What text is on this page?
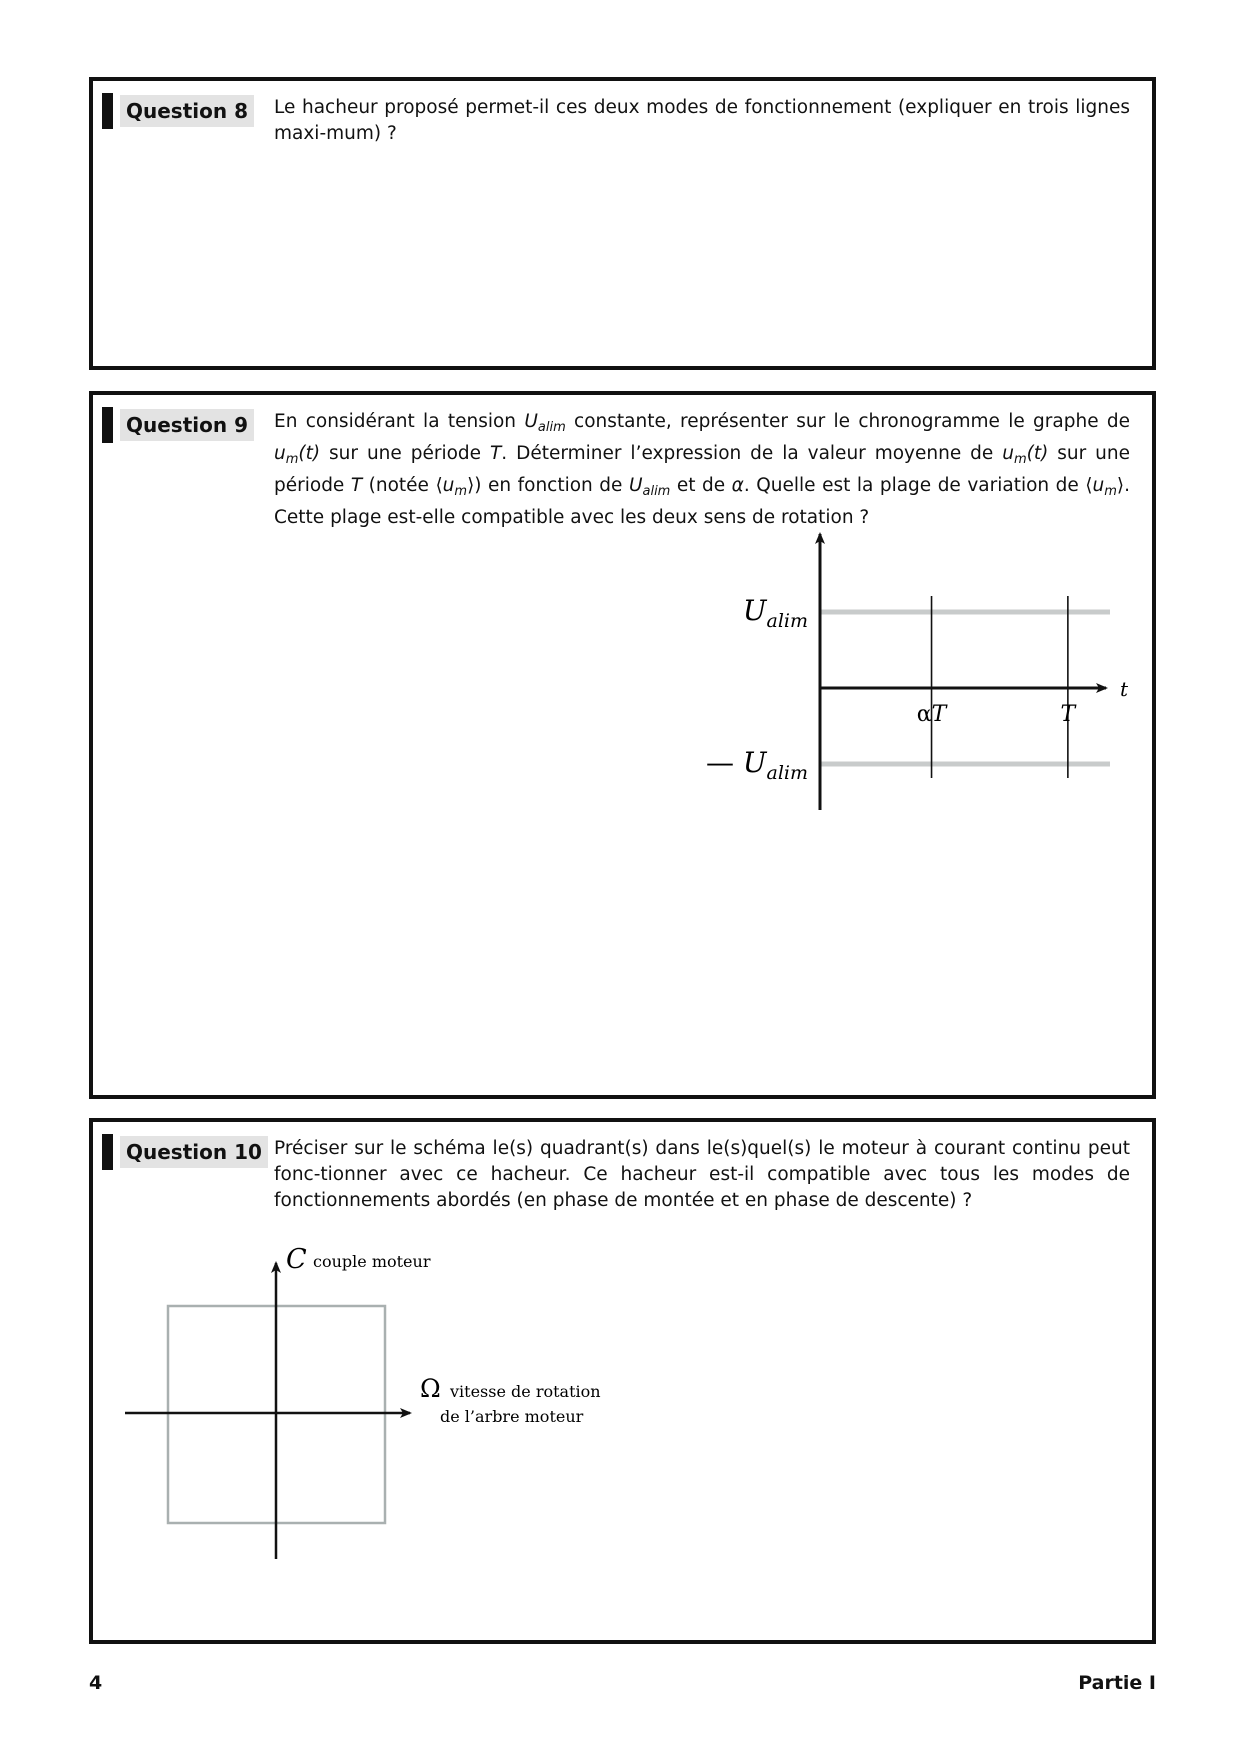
Question 8	Le hacheur proposé permet-il ces deux modes de fonctionnement (expliquer en trois lignes maxi-mum) ?

Question 9	En considérant la tension $U_{alim}$ constante, représenter sur le chronogramme le graphe de $u_m(t)$ sur une période T. Déterminer l’expression de la valeur moyenne de $u_m(t)$ sur une période T (notée $⟨u_m⟩$) en fonction de $U_{alim}$ et de α. Quelle est la plage de variation de $⟨u_m⟩$. Cette plage est-elle compatible avec les deux sens de rotation ?

αT	T
$U_{alim}$
— $U_{alim}$
t
Question 10 Préciser sur le schéma le(s) quadrant(s) dans le(s)quel(s) le moteur à courant continu peut fonc-tionner avec ce hacheur. Ce hacheur est-il compatible avec tous les modes de fonctionnements abordés (en phase de montée et en phase de descente) ?

C couple moteur
Ω vitesse de rotation
de l’arbre moteur
4	Partie I
